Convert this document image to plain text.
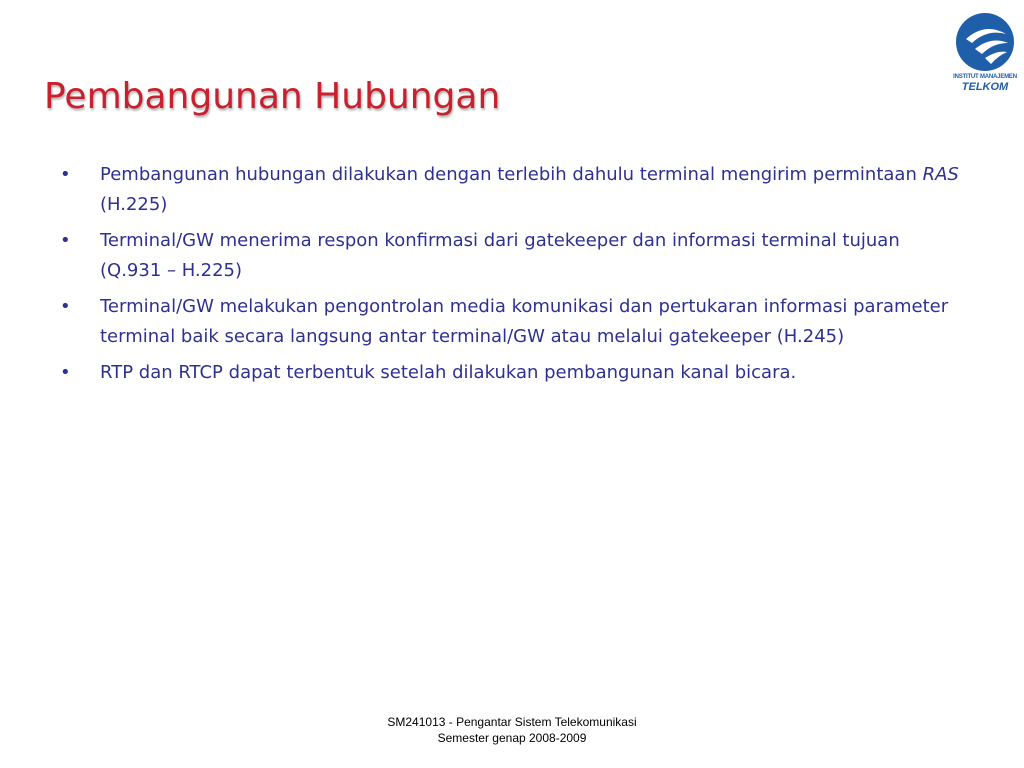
Pembangunan Hubungan	INSTITUT MANAJEMEN
TELKOM
• Pembangunan hubungan dilakukan dengan terlebih dahulu terminal mengirim permintaan RAS (H.225)
• Terminal/GW menerima respon konfirmasi dari gatekeeper dan informasi terminal tujuan (Q.931 – H.225)
• Terminal/GW melakukan pengontrolan media komunikasi dan pertukaran informasi parameter terminal baik secara langsung antar terminal/GW atau melalui gatekeeper (H.245)
• RTP dan RTCP dapat terbentuk setelah dilakukan pembangunan kanal bicara.
SM241013 - Pengantar Sistem Telekomunikasi
Semester genap 2008-2009
